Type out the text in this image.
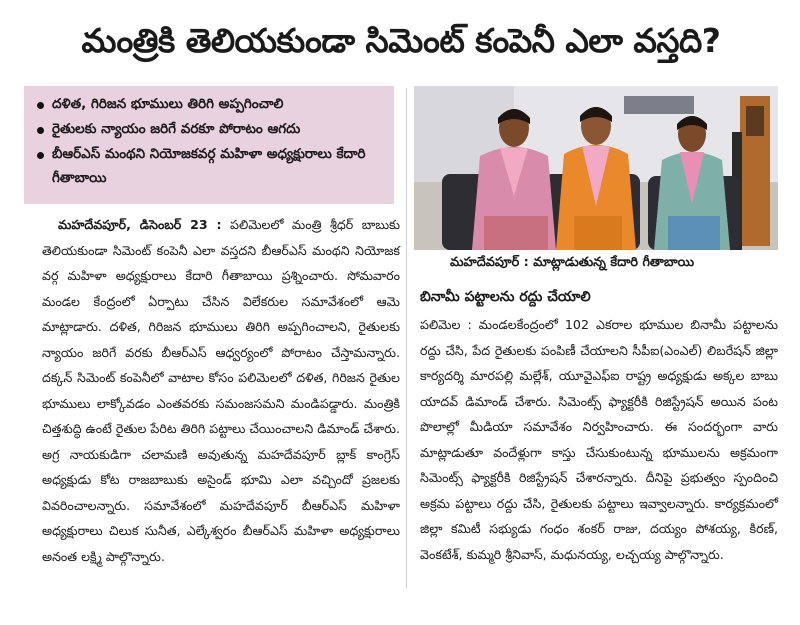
మంత్రికి తెలియకుండా సిమెంట్ కంపెనీ ఎలా వస్తది?
దళిత, గిరిజన భూములు తిరిగి అప్పగించాలి
రైతులకు న్యాయం జరిగే వరకూ పోరాటం ఆగదు
బీఆర్ఎస్ మంథని నియోజకవర్గ మహిళా అధ్యక్షురాలు కేదారి గీతాబాయి

మహదేవపూర్, డిసెంబర్ 23 : పలిమెలలో మంత్రి శ్రీధర్ బాబుకు తెలియకుండా సిమెంట్ కంపెనీ ఎలా వస్తదని బీఆర్ఎస్ మంథని నియోజక వర్గ మహిళా అధ్యక్షురాలు కేదారి గీతాబాయి ప్రశ్నించారు. సోమవారం మండల కేంద్రంలో ఏర్పాటు చేసిన విలేకరుల సమావేశంలో ఆమె మాట్లాడారు. దళిత, గిరిజన భూములు తిరిగి అప్పగించాలని, రైతులకు న్యాయం జరిగే వరకు బీఆర్ఎస్ ఆధ్వర్యంలో పోరాటం చేస్తామన్నారు. దక్కన్ సిమెంట్ కంపెనీలో వాటాల కోసం పలిమెలలో దళిత, గిరిజన రైతుల భూములు లాక్కోవడం ఎంతవరకు సమంజసమని మండిపడ్డారు. మంత్రికి చిత్తశుద్ధి ఉంటే రైతుల పేరిట తిరిగి పట్టాలు చేయించాలని డిమాండ్ చేశారు. అగ్ర నాయకుడిగా చలామణి అవుతున్న మహదేవపూర్ బ్లాక్ కాంగ్రెస్ అధ్యక్షుడు కోట రాజబాబుకు అసైండ్ భూమి ఎలా వచ్చిందో ప్రజలకు వివరించాలన్నారు. సమావేశంలో మహదేవపూర్ బీఆర్ఎస్ మహిళా అధ్యక్షురాలు చిలుక సునీత, ఎల్కేశ్వరం బీఆర్ఎస్ మహిళా అధ్యక్షురాలు అనంత లక్ష్మి పాల్గొన్నారు.

మహదేవపూర్ : మాట్లాడుతున్న కేదారి గీతాబాయి
బినామీ పట్టాలను రద్దు చేయాలి

పలిమెల : మండలకేంద్రంలో 102 ఎకరాల భూముల బినామీ పట్టాలను రద్దు చేసి, పేద రైతులకు పంపిణీ చేయాలని సీపీఐ(ఎంఎల్) లిబరేషన్ జిల్లా కార్యదర్శి మారపల్లి మల్లేశ్, యూవైఎఫ్ఐ రాష్ట్ర అధ్యక్షుడు అక్కల బాబు యాదవ్ డిమాండ్ చేశారు. సిమెంట్స్ ఫ్యాక్టరీకి రిజిస్ట్రేషన్ అయిన పంట పొలాల్లో మీడియా సమావేశం నిర్వహించారు. ఈ సందర్భంగా వారు మాట్లాడుతూ వందేళ్లుగా కాస్తు చేసుకుంటున్న భూములను అక్రమంగా సిమెంట్స్ ఫ్యాక్టరీకి రిజిస్ట్రేషన్ చేశారన్నారు. దీనిపై ప్రభుత్వం స్పందించి అక్రమ పట్టాలు రద్దు చేసి, రైతులకు పట్టాలు ఇవ్వాలన్నారు. కార్యక్రమంలో జిల్లా కమిటీ సభ్యుడు గంధం శంకర్ రాజు, దయ్యం పోశయ్య, కిరణ్, వెంకటేశ్, కుమ్మరి శ్రీనివాస్, మధునయ్య, లచ్చయ్య పాల్గొన్నారు.
